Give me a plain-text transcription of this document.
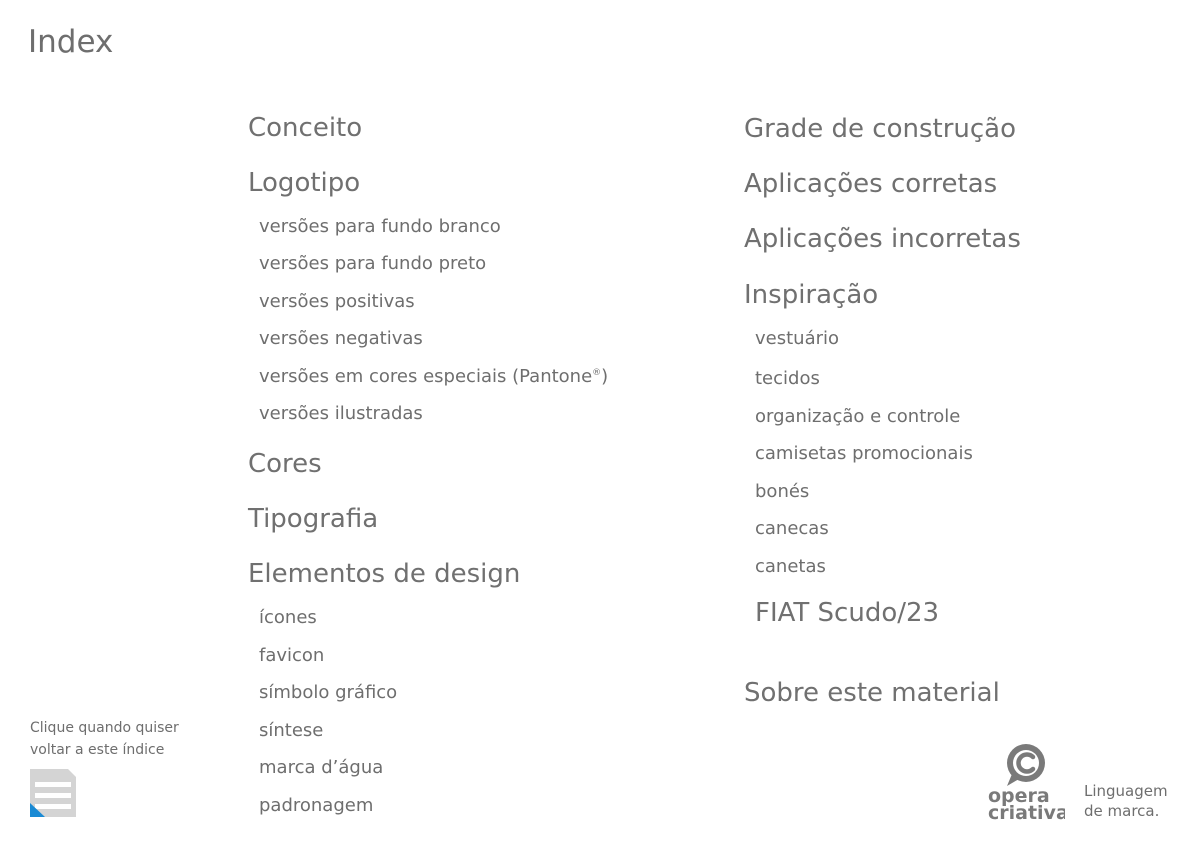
Index
Conceito
Logotipo
versões para fundo branco
versões para fundo preto
versões positivas
versões negativas
versões em cores especiais (Pantone®)
versões ilustradas
Cores
Tipografia
Elementos de design
ícones
favicon
símbolo gráfico
síntese
marca d’água
padronagem
Grade de construção
Aplicações corretas
Aplicações incorretas
Inspiração
vestuário
tecidos
organização e controle
camisetas promocionais
bonés
canecas
canetas
FIAT Scudo/23
Sobre este material
Clique quando quiser
voltar a este índice
opera
criativa
Linguagem
de marca.
